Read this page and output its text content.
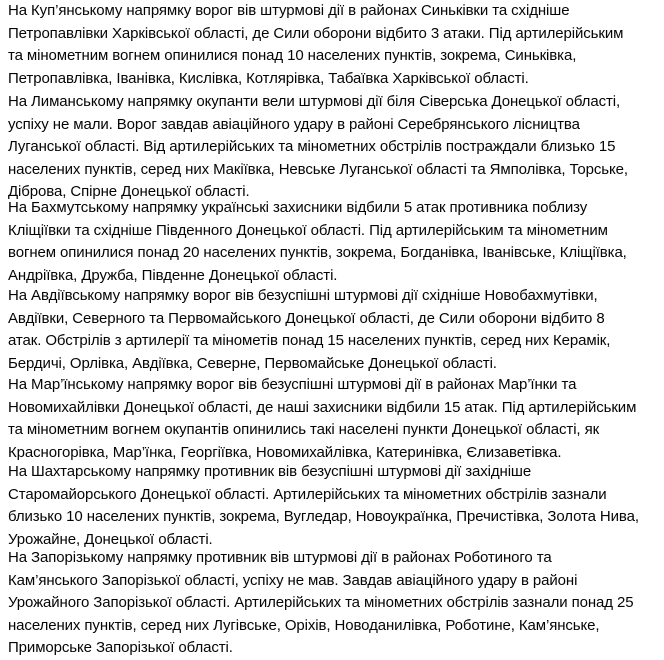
На Куп’янському напрямку ворог вів штурмові дії в районах Синьківки та східніше
Петропавлівки Харківської області, де Сили оборони відбито 3 атаки. Під артилерійським
та мінометним вогнем опинилися понад 10 населених пунктів, зокрема, Синьківка,
Петропавлівка, Іванівка, Кислівка, Котлярівка, Табаївка Харківської області.

На Лиманському напрямку окупанти вели штурмові дії біля Сіверська Донецької області,
успіху не мали. Ворог завдав авіаційного удару в районі Серебрянського лісництва
Луганської області. Від артилерійських та мінометних обстрілів постраждали близько 15
населених пунктів, серед них Макіївка, Невське Луганської області та Ямполівка, Торське,
Діброва, Спірне Донецької області.

На Бахмутському напрямку українські захисники відбили 5 атак противника поблизу
Кліщіївки та східніше Південного Донецької області. Під артилерійським та мінометним
вогнем опинилися понад 20 населених пунктів, зокрема, Богданівка, Іванівське, Кліщіївка,
Андріївка, Дружба, Південне Донецької області.

На Авдіївському напрямку ворог вів безуспішні штурмові дії східніше Новобахмутівки,
Авдіївки, Северного та Первомайського Донецької області, де Сили оборони відбито 8
атак. Обстрілів з артилерії та мінометів понад 15 населених пунктів, серед них Керамік,
Бердичі, Орлівка, Авдіївка, Северне, Первомайське Донецької області.

На Мар’їнському напрямку ворог вів безуспішні штурмові дії в районах Мар’їнки та
Новомихайлівки Донецької області, де наші захисники відбили 15 атак. Під артилерійським
та мінометним вогнем окупантів опинились такі населені пункти Донецької області, як
Красногорівка, Мар’їнка, Георгіївка, Новомихайлівка, Катеринівка, Єлизаветівка.

На Шахтарському напрямку противник вів безуспішні штурмові дії західніше
Старомайорського Донецької області. Артилерійських та мінометних обстрілів зазнали
близько 10 населених пунктів, зокрема, Вугледар, Новоукраїнка, Пречистівка, Золота Нива,
Урожайне, Донецької області.

На Запорізькому напрямку противник вів штурмові дії в районах Роботиного та
Кам’янського Запорізької області, успіху не мав. Завдав авіаційного удару в районі
Урожайного Запорізької області. Артилерійських та мінометних обстрілів зазнали понад 25
населених пунктів, серед них Лугівське, Оріхів, Новоданилівка, Роботине, Кам’янське,
Приморське Запорізької області.
